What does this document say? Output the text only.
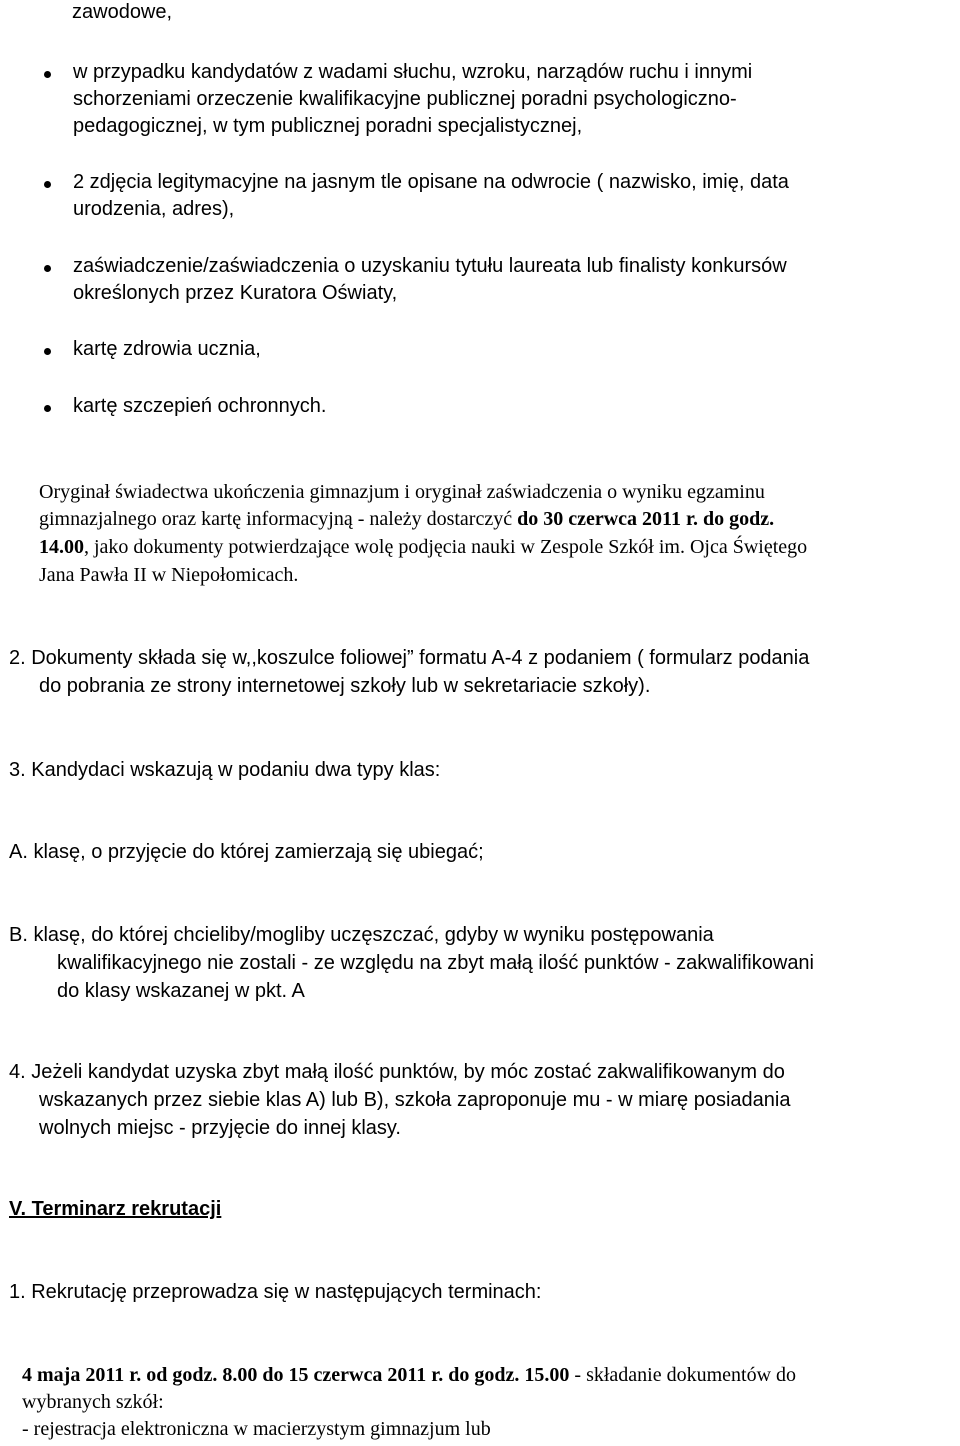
zawodowe,
w przypadku kandydatów z wadami słuchu, wzroku, narządów ruchu i innymi
schorzeniami orzeczenie kwalifikacyjne publicznej poradni psychologiczno-
pedagogicznej, w tym publicznej poradni specjalistycznej,
2 zdjęcia legitymacyjne na jasnym tle opisane na odwrocie ( nazwisko, imię, data
urodzenia, adres),
zaświadczenie/zaświadczenia o uzyskaniu tytułu laureata lub finalisty konkursów
określonych przez Kuratora Oświaty,
kartę zdrowia ucznia,
kartę szczepień ochronnych.
Oryginał świadectwa ukończenia gimnazjum i oryginał zaświadczenia o wyniku egzaminu
gimnazjalnego oraz kartę informacyjną - należy dostarczyć do 30 czerwca 2011 r. do godz.
14.00, jako dokumenty potwierdzające wolę podjęcia nauki w Zespole Szkół im. Ojca Świętego
Jana Pawła II w Niepołomicach.
2. Dokumenty składa się w,,koszulce foliowej” formatu A-4 z podaniem ( formularz podania
do pobrania ze strony internetowej szkoły lub w sekretariacie szkoły).
3. Kandydaci wskazują w podaniu dwa typy klas:
A. klasę, o przyjęcie do której zamierzają się ubiegać;
B. klasę, do której chcieliby/mogliby uczęszczać, gdyby w wyniku postępowania
kwalifikacyjnego nie zostali - ze względu na zbyt małą ilość punktów - zakwalifikowani
do klasy wskazanej w pkt. A
4. Jeżeli kandydat uzyska zbyt małą ilość punktów, by móc zostać zakwalifikowanym do
wskazanych przez siebie klas A) lub B), szkoła zaproponuje mu - w miarę posiadania
wolnych miejsc - przyjęcie do innej klasy.
V. Terminarz rekrutacji
1. Rekrutację przeprowadza się w następujących terminach:
4 maja 2011 r. od godz. 8.00 do 15 czerwca 2011 r. do godz. 15.00 - składanie dokumentów do
wybranych szkół:
- rejestracja elektroniczna w macierzystym gimnazjum lub
